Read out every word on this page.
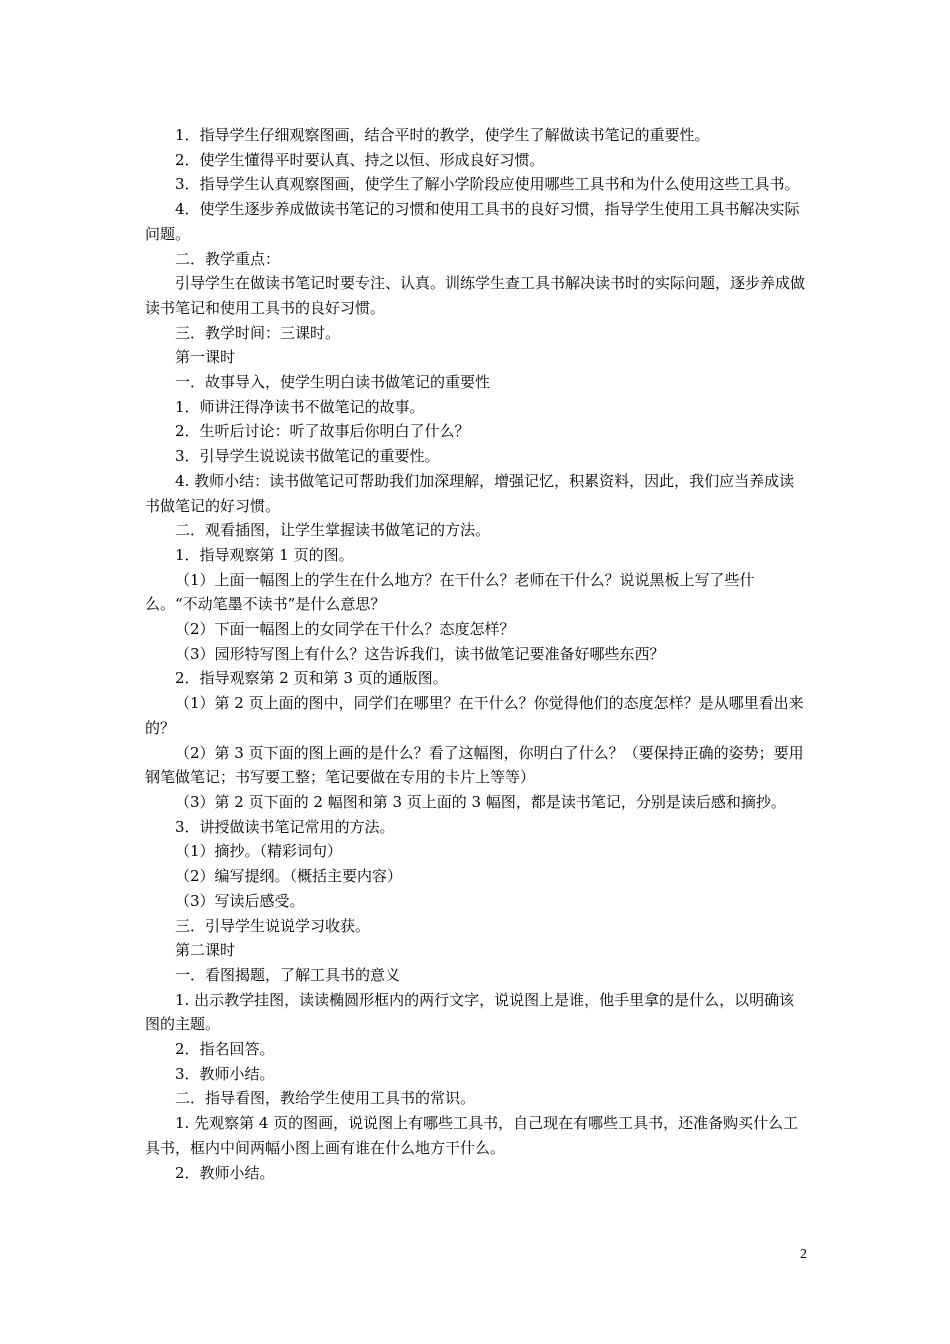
1．指导学生仔细观察图画，结合平时的教学，使学生了解做读书笔记的重要性。

2．使学生懂得平时要认真、持之以恒、形成良好习惯。

3．指导学生认真观察图画，使学生了解小学阶段应使用哪些工具书和为什么使用这些工具书。

4．使学生逐步养成做读书笔记的习惯和使用工具书的良好习惯，指导学生使用工具书解决实际问题。

二．教学重点：

引导学生在做读书笔记时要专注、认真。训练学生查工具书解决读书时的实际问题，逐步养成做读书笔记和使用工具书的良好习惯。

三．教学时间：三课时。

第一课时

一．故事导入，使学生明白读书做笔记的重要性

1．师讲汪得净读书不做笔记的故事。

2．生听后讨论：听了故事后你明白了什么？

3．引导学生说说读书做笔记的重要性。

4. 教师小结：读书做笔记可帮助我们加深理解，增强记忆，积累资料，因此，我们应当养成读书做笔记的好习惯。

二．观看插图，让学生掌握读书做笔记的方法。

1．指导观察第 1 页的图。

（1）上面一幅图上的学生在什么地方？在干什么？老师在干什么？说说黑板上写了些什么。“不动笔墨不读书”是什么意思？

（2）下面一幅图上的女同学在干什么？态度怎样？

（3）园形特写图上有什么？这告诉我们，读书做笔记要准备好哪些东西？

2．指导观察第 2 页和第 3 页的通版图。

（1）第 2 页上面的图中，同学们在哪里？在干什么？你觉得他们的态度怎样？是从哪里看出来的？

（2）第 3 页下面的图上画的是什么？看了这幅图，你明白了什么？（要保持正确的姿势；要用钢笔做笔记；书写要工整；笔记要做在专用的卡片上等等）

（3）第 2 页下面的 2 幅图和第 3 页上面的 3 幅图，都是读书笔记，分别是读后感和摘抄。

3．讲授做读书笔记常用的方法。

（1）摘抄。（精彩词句）

（2）编写提纲。（概括主要内容）

（3）写读后感受。

三．引导学生说说学习收获。

第二课时

一．看图揭题，了解工具书的意义

1. 出示教学挂图，读读椭圆形框内的两行文字，说说图上是谁，他手里拿的是什么，以明确该图的主题。

2．指名回答。

3．教师小结。

二．指导看图，教给学生使用工具书的常识。

1. 先观察第 4 页的图画，说说图上有哪些工具书，自己现在有哪些工具书，还准备购买什么工具书，框内中间两幅小图上画有谁在什么地方干什么。

2．教师小结。

2
